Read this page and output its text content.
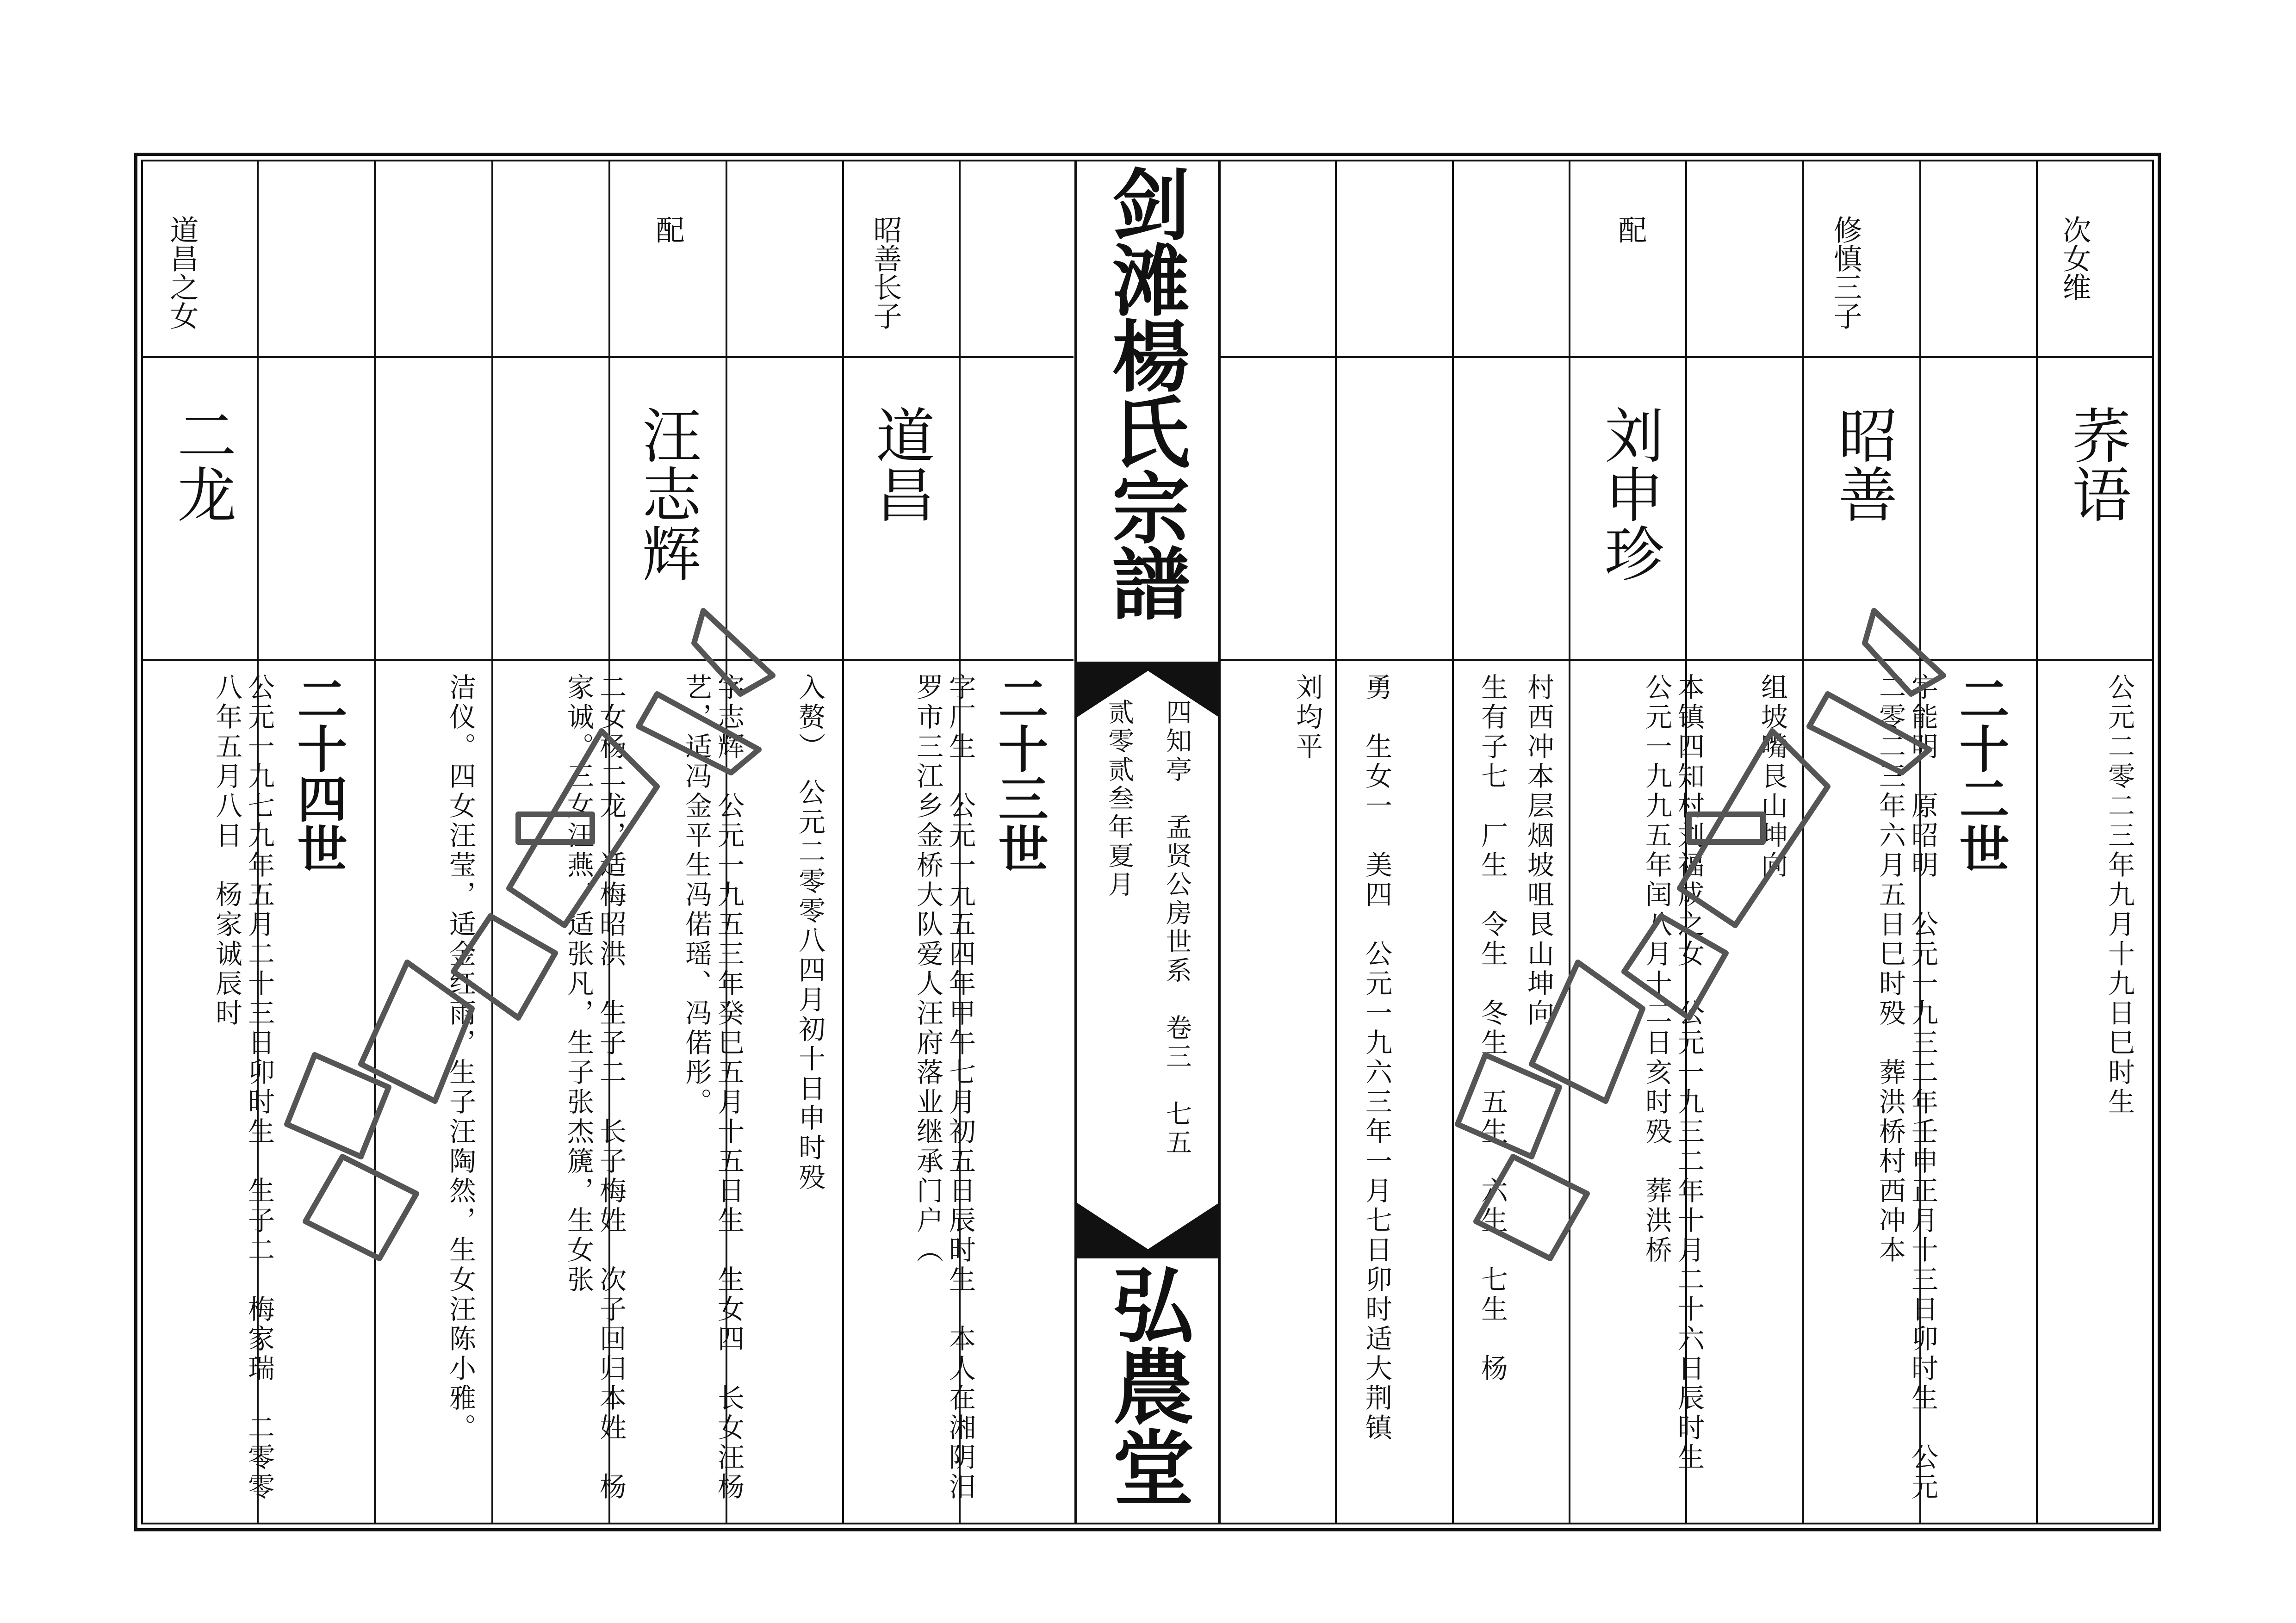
剑滩楊氏宗譜
四知亭　孟贤公房世系　卷三　七五
贰零贰叁年夏月
弘農堂
次女维
荞语
公元二零二三年九月十九日巳时生
二十二世
修慎三子
昭善
字能明　原昭明　公元一九三二年壬申正月十三日卯时生　公元二零二三年六月五日巳时殁　葬洪桥村西冲本
组坡嘴艮山坤向
配
刘申珍
本镇四知村刘福成之女　公元一九三二年十月二十六日辰时生　公元一九九五年闰八月十二日亥时殁　葬洪桥
村西冲本层烟坡咀艮山坤向
生有子七　厂生　令生　冬生　五生　六生　七生　杨
勇　生女一　美四　公元一九六三年一月七日卯时适大荆镇
刘均平
二十三世
昭善长子
道昌
字厂生　公元一九五四年甲午七月初五日辰时生　本人在湘阴汨罗市三江乡金桥大队爱人汪府落业继承门户（
入赘）　公元二零零八四月初十日申时殁
配
汪志辉
字志辉　公元一九五三年癸巳五月十五日生　生女四　长女汪杨艺，适冯金平生冯偌瑶、冯偌彤。
二女杨二龙，适梅昭洪　生子二　长子梅姓　次子回归本姓　杨家诚。三女汪燕，适张凡，生子张杰篪，生女张
洁仪。四女汪莹，适金红雨，生子汪陶然，生女汪陈小雅。
二十四世
道昌之女
二龙
公元一九七九年五月二十三日卯时生　生子二　梅家瑞　二零零八年五月八日　杨家诚辰时
